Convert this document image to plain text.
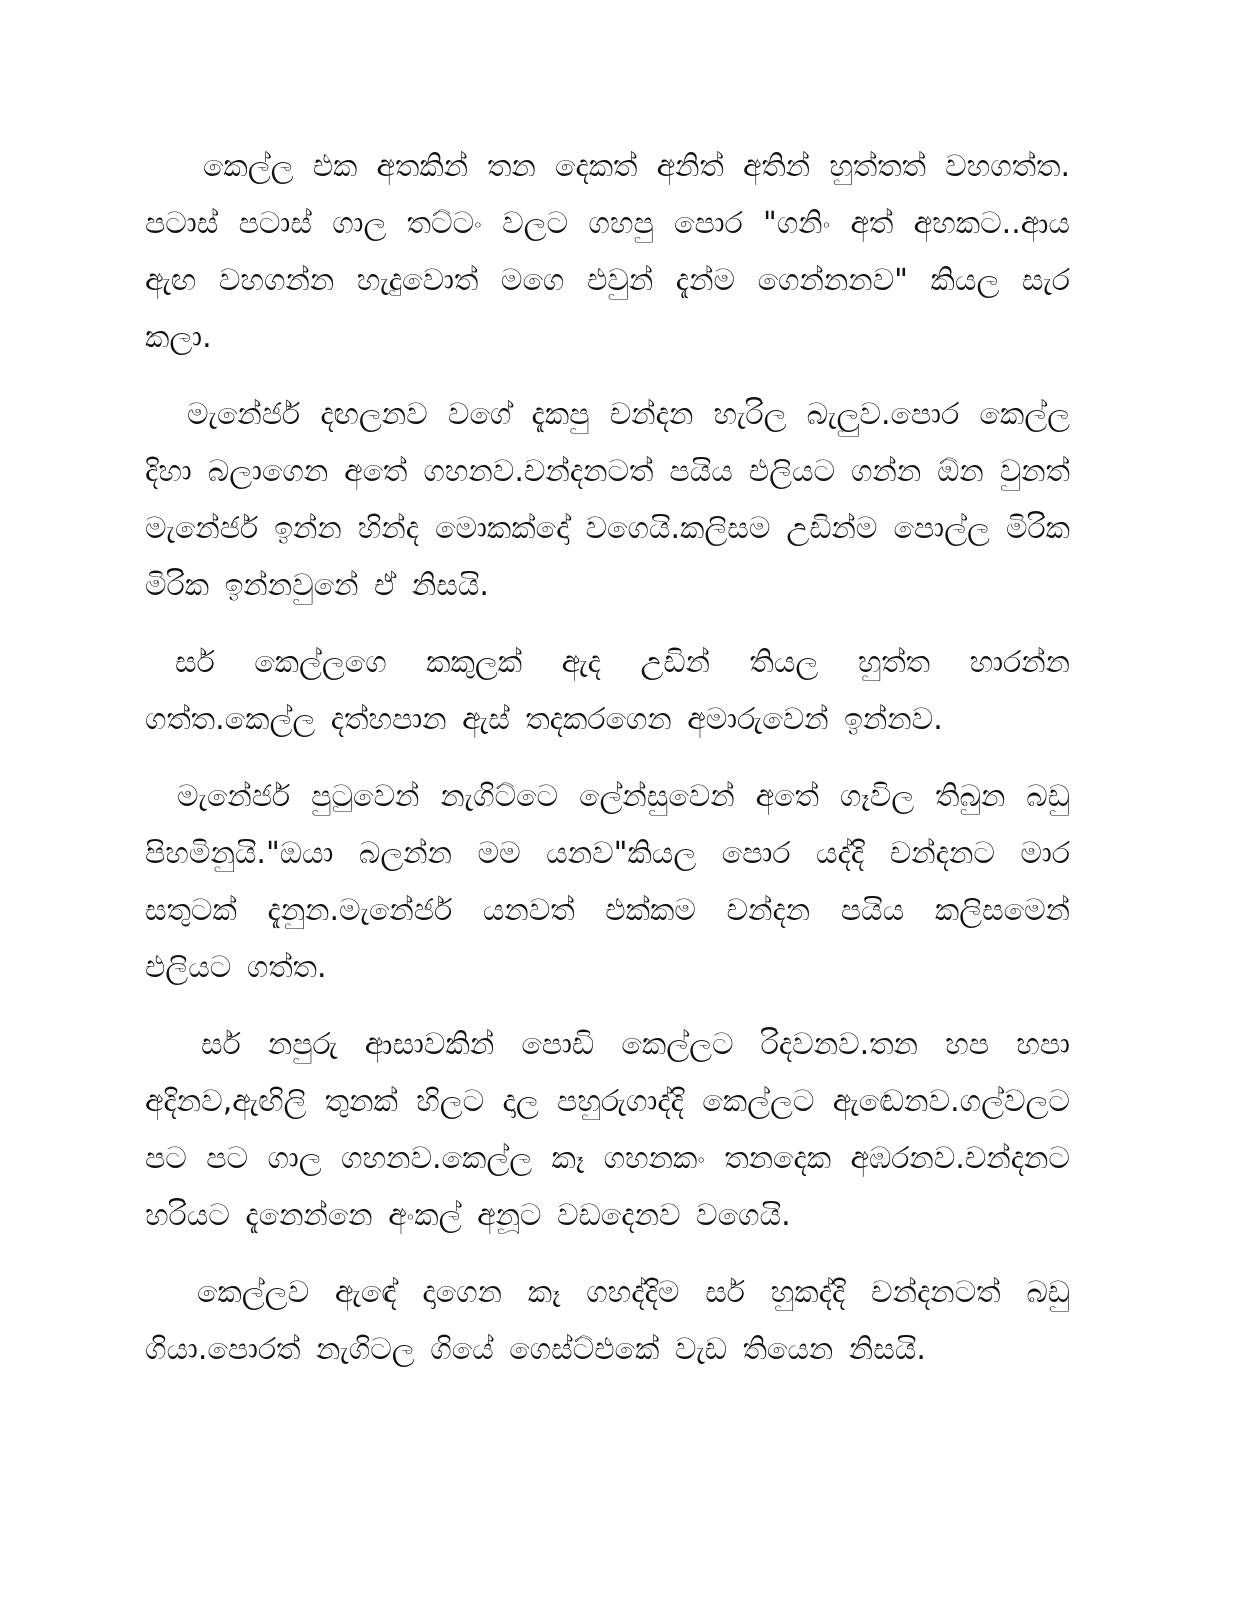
කෙල්ල එක අතකින් තන දෙකත් අනිත් අතින් හුත්තත් වහගත්ත. පටාස් පටාස් ගාල තට්ටං වලට ගහපු පොර "ගනිං අත් අහකට..ආය ඇඟ වහගන්න හැදුවොත් මගෙ එවුන් දැන්ම ගෙන්නනව" කියල සැර කලා.

මැනේජර් දඟලනව වගේ දැකපු චන්දන හැරිල බැලුව.පොර කෙල්ල දිහා බලාගෙන අතේ ගහනව.චන්දනටත් පයිය එලියට ගන්න ඕන වුනත් මැනේජර් ඉන්න හින්ද මොකක්දෝ වගෙයි.කලිසම උඩින්ම පොල්ල මිරික මිරික ඉන්නවුනේ ඒ නිසයි.

සර් කෙල්ලගෙ කකුලක් ඇද උඩින් තියල හුත්ත හාරන්න ගත්ත.කෙල්ල දත්හපාන ඇස් තදකරගෙන අමාරුවෙන් ඉන්නව.

මැනේජර් පුටුවෙන් නැගිට්ටෙ ලේන්සුවෙන් අතේ ගෑවිල තිබුන බඩු පිහමිනුයි."ඔයා බලන්න මම යනව"කියල පොර යද්දි චන්දනට මාර සතුටක් දැනුන.මැනේජර් යනවත් එක්කම චන්දන පයිය කලිසමෙන් එලියට ගත්ත.

සර් නපුරු ආසාවකින් පොඩි කෙල්ලට රිදවනව.තන හප හපා අදිනව,ඇඟිලි තුනක් හිලට දාල පහුරුගාද්දි කෙල්ලට ඇඬෙනව.ගල්වලට පට පට ගාල ගහනව.කෙල්ල කෑ ගහනකං තනදෙක අඹරනව.චන්දනට හරියට දැනෙන්නෙ අංකල් අනූට වඩදෙනව වගෙයි.

කෙල්ලව ඇඳේ දාගෙන කෑ ගහද්දිම සර් හුකද්දි චන්දනටත් බඩු ගියා.පොරත් නැගිටල ගියේ ගෙස්ට්එකේ වැඩ තියෙන නිසයි.
